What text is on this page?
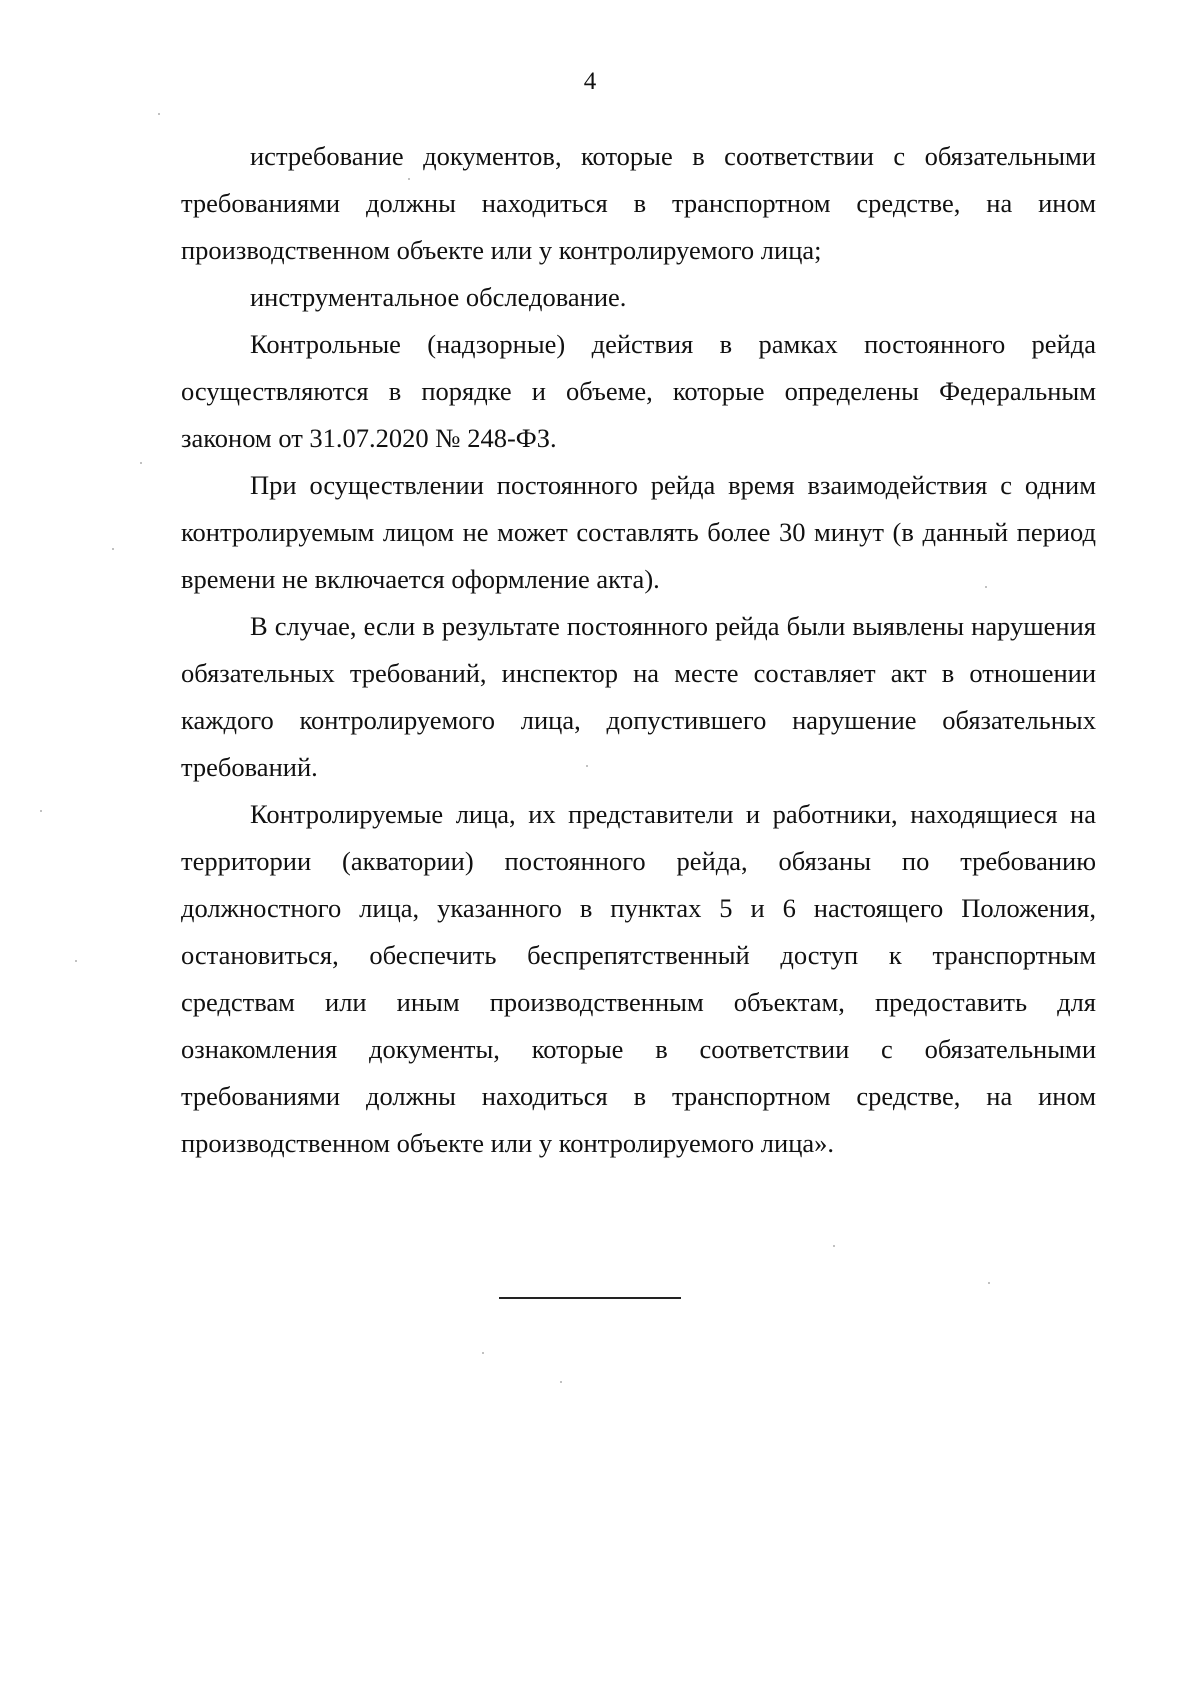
4

истребование документов, которые в соответствии с обязательными требованиями должны находиться в транспортном средстве, на ином производственном объекте или у контролируемого лица;

инструментальное обследование.

Контрольные (надзорные) действия в рамках постоянного рейда осуществляются в порядке и объеме, которые определены Федеральным законом от 31.07.2020 № 248-ФЗ.

При осуществлении постоянного рейда время взаимодействия с одним контролируемым лицом не может составлять более 30 минут (в данный период времени не включается оформление акта).

В случае, если в результате постоянного рейда были выявлены нарушения обязательных требований, инспектор на месте составляет акт в отношении каждого контролируемого лица, допустившего нарушение обязательных требований.

Контролируемые лица, их представители и работники, находящиеся на территории (акватории) постоянного рейда, обязаны по требованию должностного лица, указанного в пунктах 5 и 6 настоящего Положения, остановиться, обеспечить беспрепятственный доступ к транспортным средствам или иным производственным объектам, предоставить для ознакомления документы, которые в соответствии с обязательными требованиями должны находиться в транспортном средстве, на ином производственном объекте или у контролируемого лица».
